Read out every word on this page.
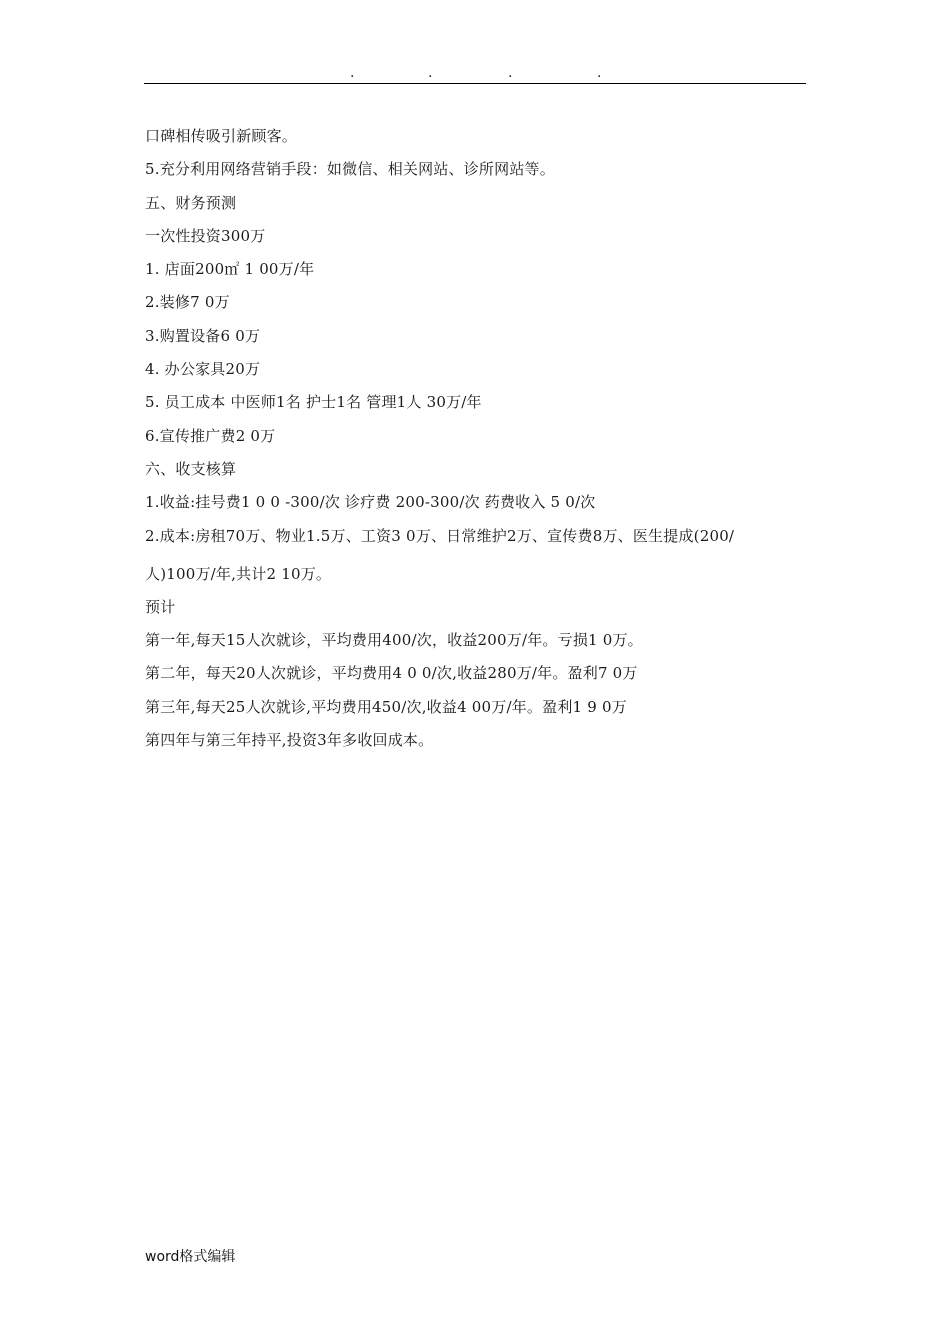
.	.	.	.
口碑相传吸引新顾客。
5.充分利用网络营销手段：如微信、相关网站、诊所网站等。
五、财务预测
一次性投资300万
1. 店面200㎡ 1 00万/年
2.装修7 0万
3.购置设备6 0万
4. 办公家具20万
5. 员工成本 中医师1名 护士1名 管理1人 30万/年
6.宣传推广费2 0万
六、收支核算
1.收益:挂号费1 0 0 -300/次 诊疗费 200-300/次 药费收入 5 0/次
2.成本:房租70万、物业1.5万、工资3 0万、日常维护2万、宣传费8万、医生提成(200/
人)100万/年,共计2 10万。
预计
第一年,每天15人次就诊，平均费用400/次，收益200万/年。亏损1 0万。
第二年，每天20人次就诊，平均费用4 0 0/次,收益280万/年。盈利7 0万
第三年,每天25人次就诊,平均费用450/次,收益4 00万/年。盈利1 9 0万
第四年与第三年持平,投资3年多收回成本。
word格式编辑
